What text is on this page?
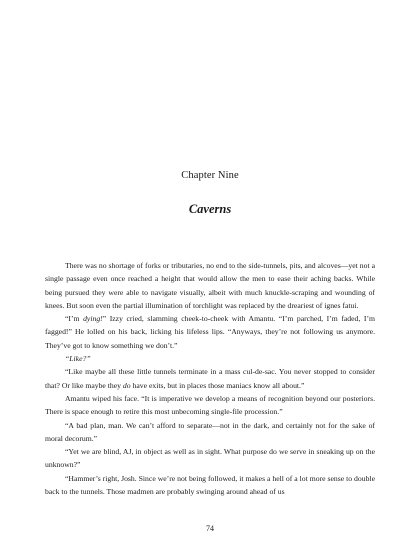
Chapter Nine
Caverns

There was no shortage of forks or tributaries, no end to the side-tunnels, pits, and alcoves—yet not a single passage even once reached a height that would allow the men to ease their aching backs. While being pursued they were able to navigate visually, albeit with much knuckle-scraping and wounding of knees. But soon even the partial illumination of torchlight was replaced by the dreariest of ignes fatui.

“I’m dying!” Izzy cried, slamming cheek-to-cheek with Amantu. “I’m parched, I’m faded, I’m fagged!” He lolled on his back, licking his lifeless lips. “Anyways, they’re not following us anymore. They’ve got to know something we don’t.”

“Like?”

“Like maybe all these little tunnels terminate in a mass cul-de-sac. You never stopped to consider that? Or like maybe they do have exits, but in places those maniacs know all about.”

Amantu wiped his face. “It is imperative we develop a means of recognition beyond our posteriors. There is space enough to retire this most unbecoming single-file procession.”

“A bad plan, man. We can’t afford to separate—not in the dark, and certainly not for the sake of moral decorum.”

“Yet we are blind, AJ, in object as well as in sight. What purpose do we serve in sneaking up on the unknown?”

“Hammer’s right, Josh. Since we’re not being followed, it makes a hell of a lot more sense to double back to the tunnels. Those madmen are probably swinging around ahead of us

74
